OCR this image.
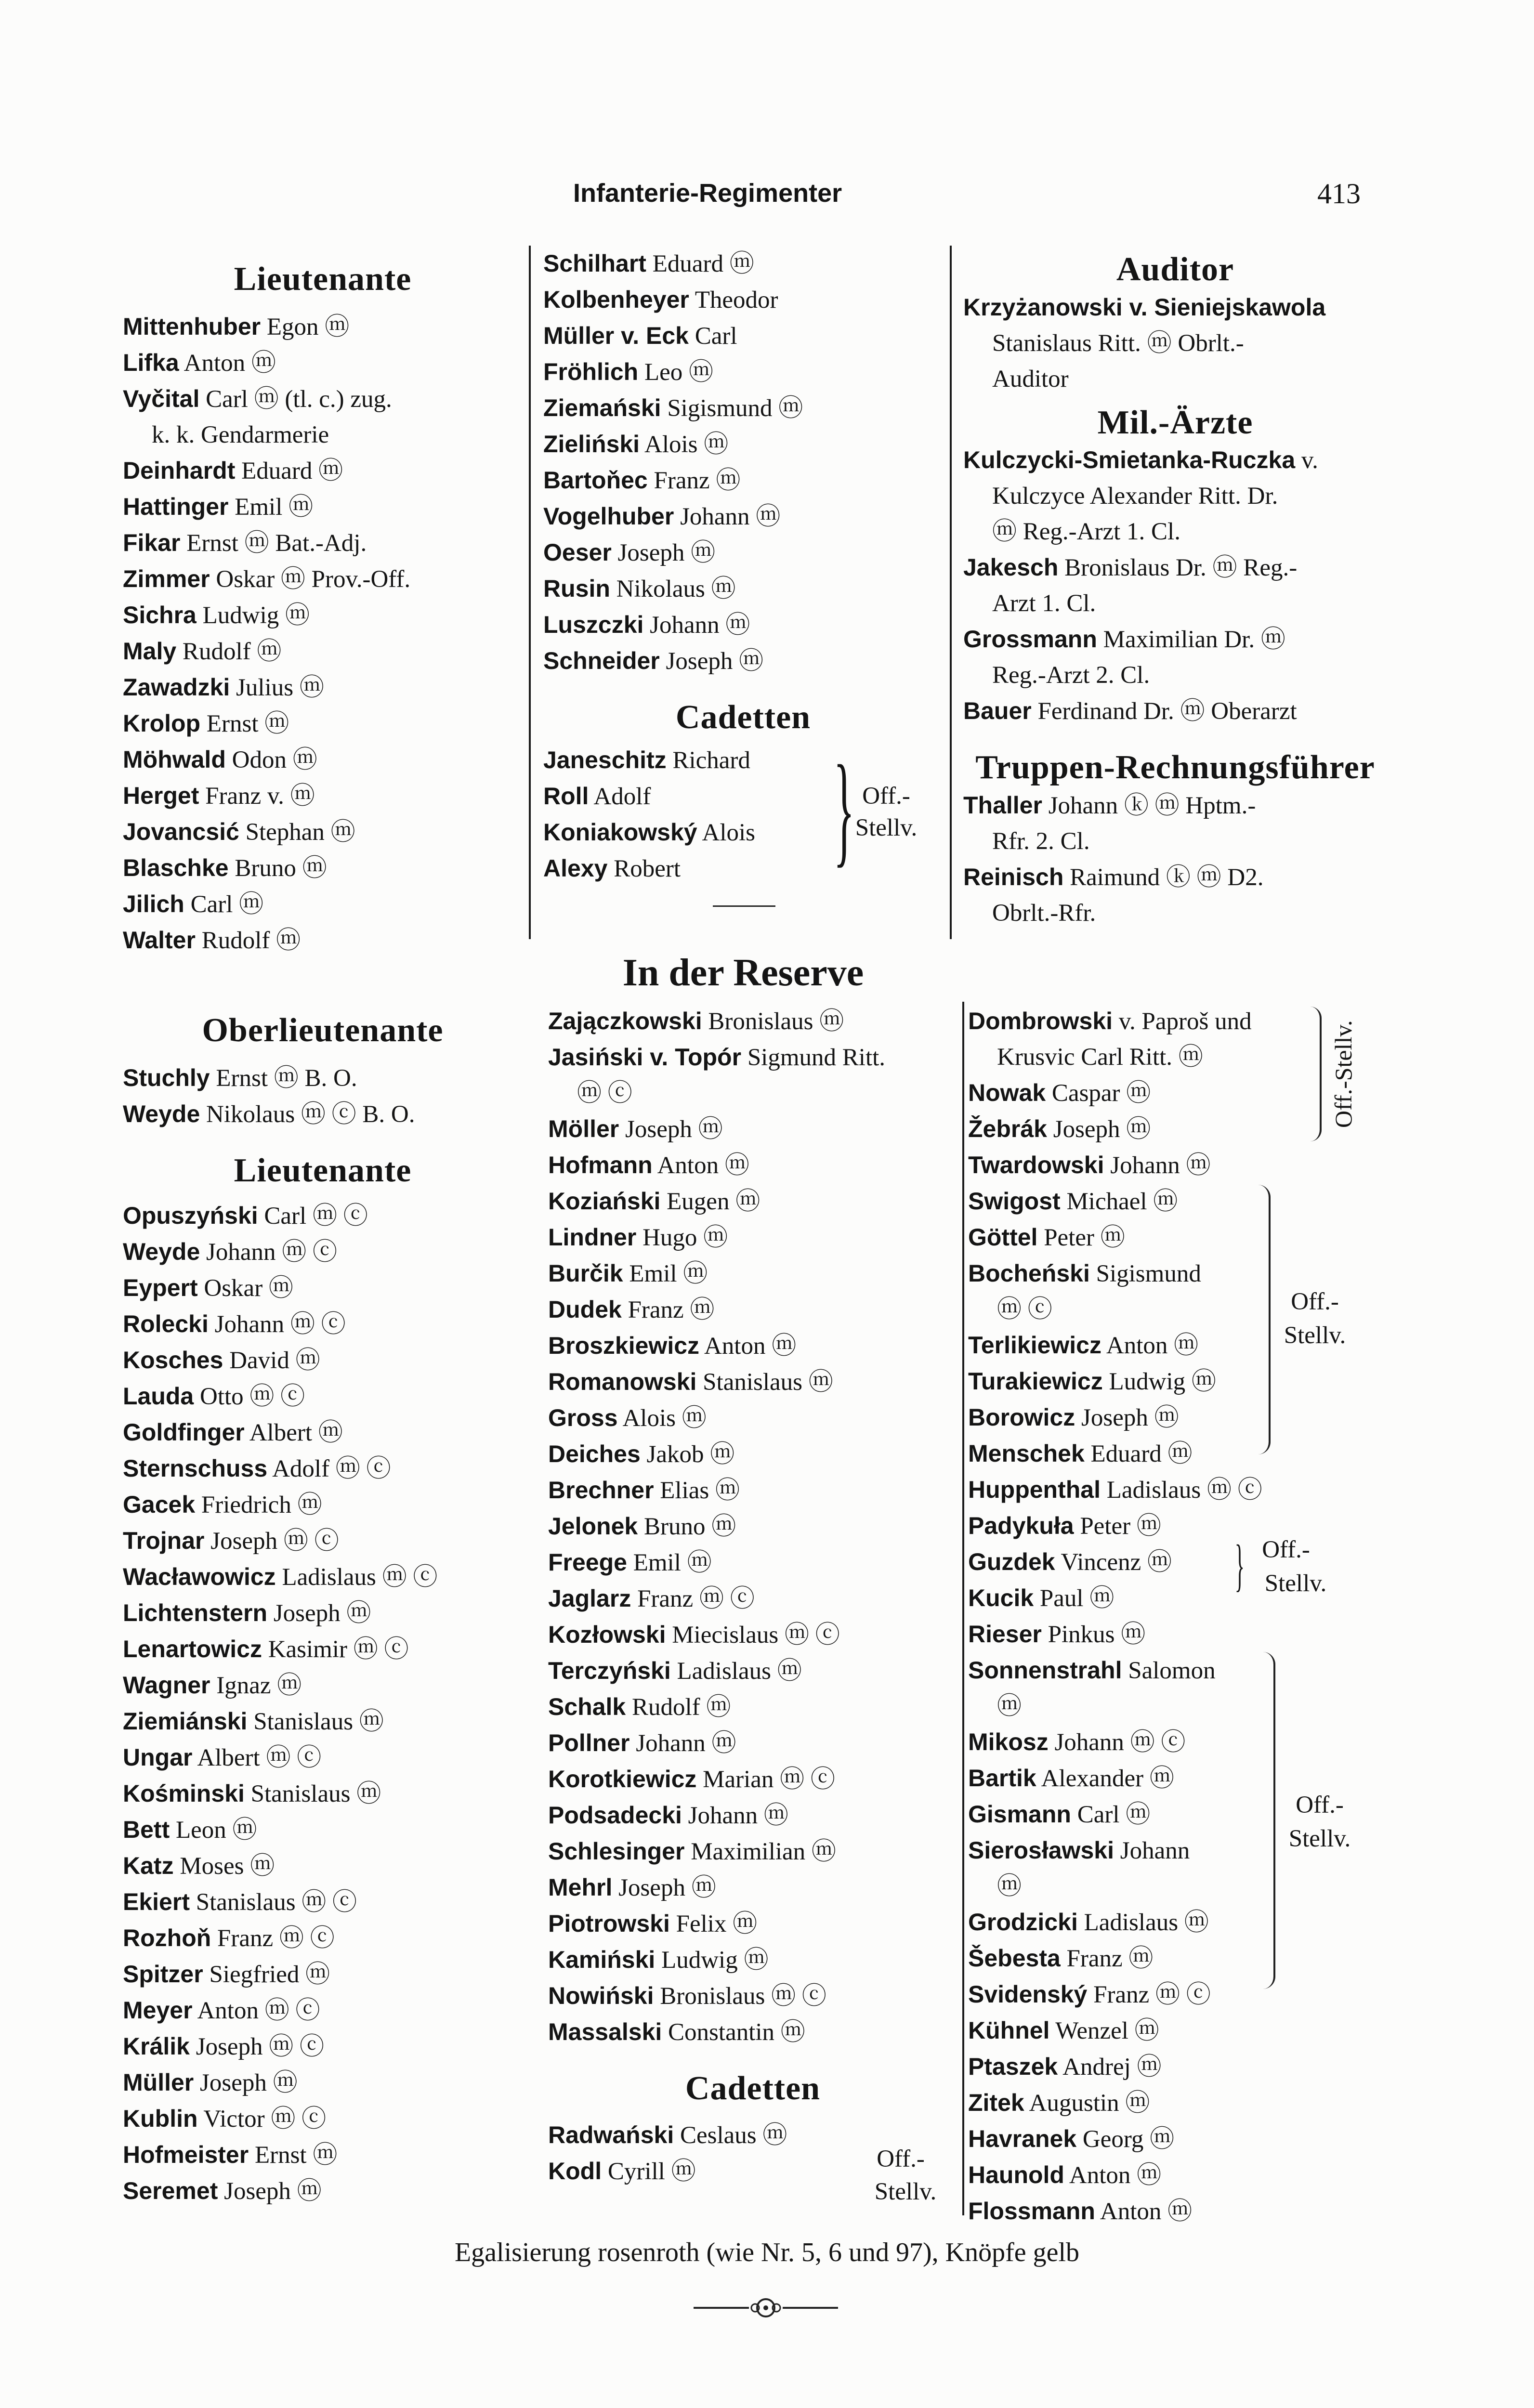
Infanterie-Regimenter	413
Lieutenante
Mittenhuber Egon ⓜ
Lifka Anton ⓜ
Vyčital Carl ⓜ (tl. c.) zug.
k. k. Gendarmerie
Deinhardt Eduard ⓜ
Hattinger Emil ⓜ
Fikar Ernst ⓜ Bat.-Adj.
Zimmer Oskar ⓜ Prov.-Off.
Sichra Ludwig ⓜ
Maly Rudolf ⓜ
Zawadzki Julius ⓜ
Krolop Ernst ⓜ
Möhwald Odon ⓜ
Herget Franz v. ⓜ
Jovancsić Stephan ⓜ
Blaschke Bruno ⓜ
Jilich Carl ⓜ
Walter Rudolf ⓜ
Oberlieutenante
Stuchly Ernst ⓜ B. O.
Weyde Nikolaus ⓜ ⓒ B. O.
Lieutenante
Opuszyński Carl ⓜ ⓒ
Weyde Johann ⓜ ⓒ
Eypert Oskar ⓜ
Rolecki Johann ⓜ ⓒ
Kosches David ⓜ
Lauda Otto ⓜ ⓒ
Goldfinger Albert ⓜ
Sternschuss Adolf ⓜ ⓒ
Gacek Friedrich ⓜ
Trojnar Joseph ⓜ ⓒ
Wacławowicz Ladislaus ⓜ ⓒ
Lichtenstern Joseph ⓜ
Lenartowicz Kasimir ⓜ ⓒ
Wagner Ignaz ⓜ
Ziemiánski Stanislaus ⓜ
Ungar Albert ⓜ ⓒ
Kośminski Stanislaus ⓜ
Bett Leon ⓜ
Katz Moses ⓜ
Ekiert Stanislaus ⓜ ⓒ
Rozhoň Franz ⓜ ⓒ
Spitzer Siegfried ⓜ
Meyer Anton ⓜ ⓒ
Králik Joseph ⓜ ⓒ
Müller Joseph ⓜ
Kublin Victor ⓜ ⓒ
Hofmeister Ernst ⓜ
Seremet Joseph ⓜ
Schilhart Eduard ⓜ
Kolbenheyer Theodor
Müller v. Eck Carl
Fröhlich Leo ⓜ
Ziemański Sigismund ⓜ
Zieliński Alois ⓜ
Bartoňec Franz ⓜ
Vogelhuber Johann ⓜ
Oeser Joseph ⓜ
Rusin Nikolaus ⓜ
Luszczki Johann ⓜ
Schneider Joseph ⓜ
Cadetten
Janeschitz Richard
Roll Adolf
Koniakowský Alois
Alexy Robert	} Off.- Stellv.
In der Reserve
Zajączkowski Bronislaus ⓜ
Jasiński v. Topór Sigmund Ritt.
ⓜ ⓒ
Möller Joseph ⓜ
Hofmann Anton ⓜ
Koziański Eugen ⓜ
Lindner Hugo ⓜ
Burčik Emil ⓜ
Dudek Franz ⓜ
Broszkiewicz Anton ⓜ
Romanowski Stanislaus ⓜ
Gross Alois ⓜ
Deiches Jakob ⓜ
Brechner Elias ⓜ
Jelonek Bruno ⓜ
Freege Emil ⓜ
Jaglarz Franz ⓜ ⓒ
Kozłowski Miecislaus ⓜ ⓒ
Terczyński Ladislaus ⓜ
Schalk Rudolf ⓜ
Pollner Johann ⓜ
Korotkiewicz Marian ⓜ ⓒ
Podsadecki Johann ⓜ
Schlesinger Maximilian ⓜ
Mehrl Joseph ⓜ
Piotrowski Felix ⓜ
Kamiński Ludwig ⓜ
Nowiński Bronislaus ⓜ ⓒ
Massalski Constantin ⓜ
Cadetten
Radwański Ceslaus ⓜ
Kodl Cyrill ⓜ	Off.-
Stellv.
Auditor
Krzyżanowski v. Sieniejskawola
Stanislaus Ritt. ⓜ Obrlt.-
Auditor
Mil.-Ärzte
Kulczycki-Smietanka-Ruczka v.
Kulczyce Alexander Ritt. Dr.
ⓜ Reg.-Arzt 1. Cl.
Jakesch Bronislaus Dr. ⓜ Reg.-
Arzt 1. Cl.
Grossmann Maximilian Dr. ⓜ
Reg.-Arzt 2. Cl.
Bauer Ferdinand Dr. ⓜ Oberarzt
Truppen-Rechnungsführer
Thaller Johann ⓚ ⓜ Hptm.-
Rfr. 2. Cl.
Reinisch Raimund ⓚ ⓜ D2.
Obrlt.-Rfr.
Dombrowski v. Paproš und
Krusvic Carl Ritt. ⓜ
Nowak Caspar ⓜ
Žebrák Joseph ⓜ
Twardowski Johann ⓜ
Swigost Michael ⓜ
Göttel Peter ⓜ
Bocheński Sigismund
ⓜ ⓒ
Terlikiewicz Anton ⓜ
Turakiewicz Ludwig ⓜ
Borowicz Joseph ⓜ
Menschek Eduard ⓜ
Huppenthal Ladislaus ⓜ ⓒ
Padykuła Peter ⓜ
Guzdek Vincenz ⓜ
Kucik Paul ⓜ
Rieser Pinkus ⓜ
Sonnenstrahl Salomon
ⓜ
Mikosz Johann ⓜ ⓒ
Bartik Alexander ⓜ
Gismann Carl ⓜ
Sierosławski Johann
ⓜ
Grodzicki Ladislaus ⓜ
Šebesta Franz ⓜ
Svidenský Franz ⓜ ⓒ
Kühnel Wenzel ⓜ
Ptaszek Andrej ⓜ
Zitek Augustin ⓜ
Havranek Georg ⓜ
Haunold Anton ⓜ
Flossmann Anton ⓜ
Off.-Stellv.
Off.-
Stellv.
} Off.-
Stellv.
Off.-
Stellv.
Egalisierung rosenroth (wie Nr. 5, 6 und 97), Knöpfe gelb
